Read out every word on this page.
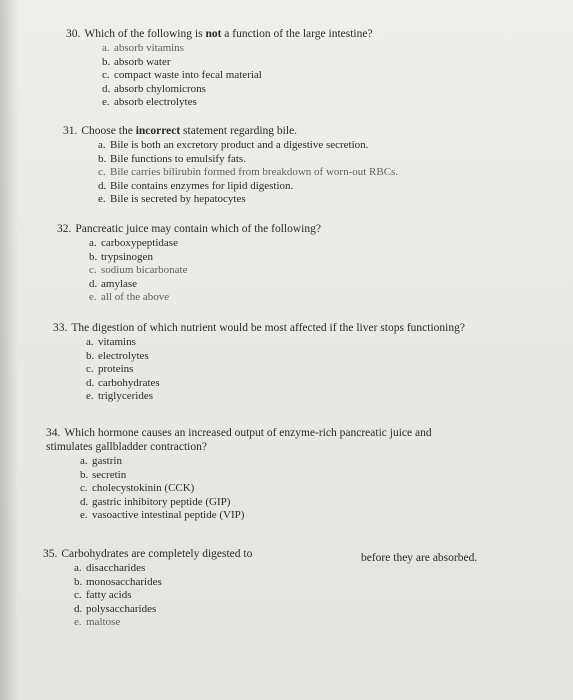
30. Which of the following is not a function of the large intestine?

a. absorb vitamins
b. absorb water
c. compact waste into fecal material
d. absorb chylomicrons
e. absorb electrolytes

31. Choose the incorrect statement regarding bile.

a. Bile is both an excretory product and a digestive secretion.
b. Bile functions to emulsify fats.
c. Bile carries bilirubin formed from breakdown of worn-out RBCs.
d. Bile contains enzymes for lipid digestion.
e. Bile is secreted by hepatocytes

32. Pancreatic juice may contain which of the following?

a. carboxypeptidase
b. trypsinogen
c. sodium bicarbonate
d. amylase
e. all of the above

33. The digestion of which nutrient would be most affected if the liver stops functioning?

a. vitamins
b. electrolytes
c. proteins
d. carbohydrates
e. triglycerides

34. Which hormone causes an increased output of enzyme-rich pancreatic juice and

stimulates gallbladder contraction?

a. gastrin
b. secretin
c. cholecystokinin (CCK)
d. gastric inhibitory peptide (GIP)
e. vasoactive intestinal peptide (VIP)

35. Carbohydrates are completely digested to

a. disaccharides
b. monosaccharides
c. fatty acids
d. polysaccharides
e. maltose
before they are absorbed.
